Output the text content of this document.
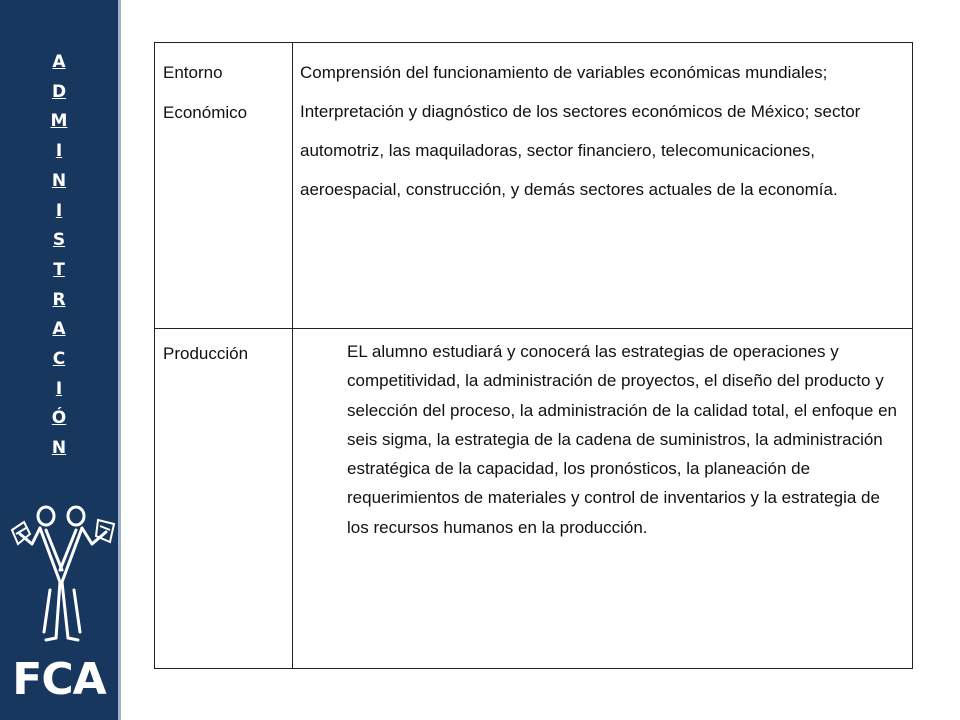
A
D
M
I
N
I
S
T
R
A
C
I
Ó
N
FCA
Entorno Económico	Comprensión del funcionamiento de variables económicas mundiales; Interpretación y diagnóstico de los sectores económicos de México; sector automotriz, las maquiladoras, sector financiero, telecomunicaciones, aeroespacial, construcción, y demás sectores actuales de la economía.
Producción	EL alumno estudiará y conocerá las estrategias de operaciones y competitividad, la administración de proyectos, el diseño del producto y selección del proceso, la administración de la calidad total, el enfoque en seis sigma, la estrategia de la cadena de suministros, la administración estratégica de la capacidad, los pronósticos, la planeación de requerimientos de materiales y control de inventarios y la estrategia de los recursos humanos en la producción.
